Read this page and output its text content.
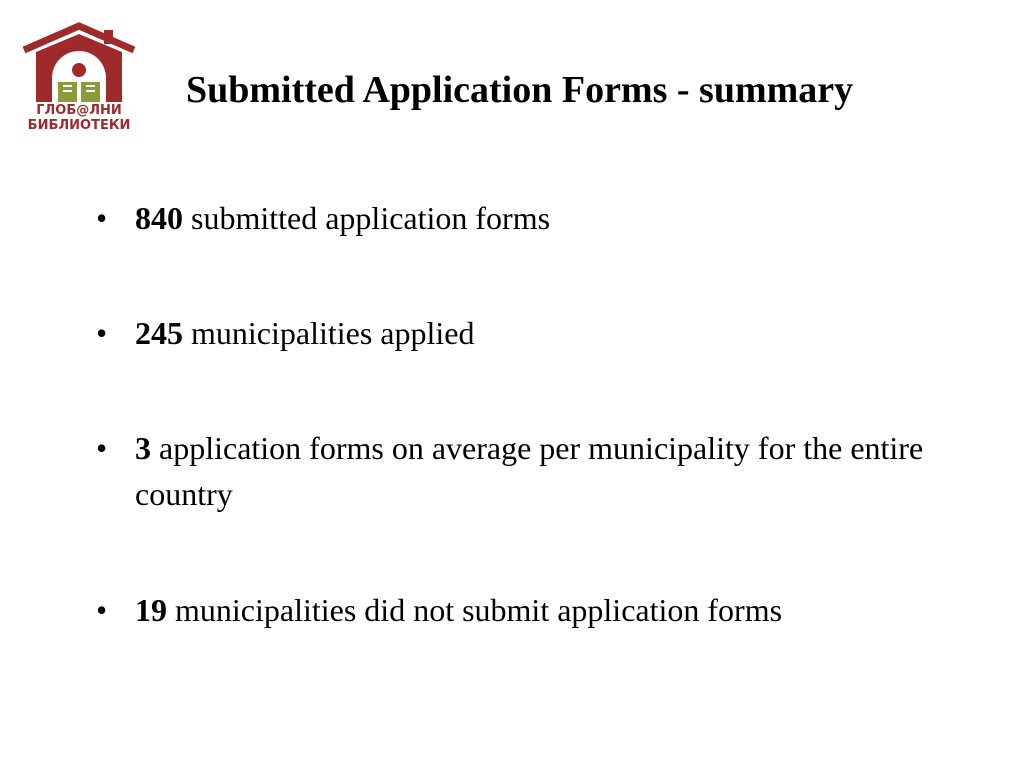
ГЛОБ@ЛНИ
БИБЛИОТЕКИ
Submitted Application Forms - summary
• 840 submitted application forms
• 245 municipalities applied
• 3 application forms on average per municipality for the entire country
• 19 municipalities did not submit application forms
